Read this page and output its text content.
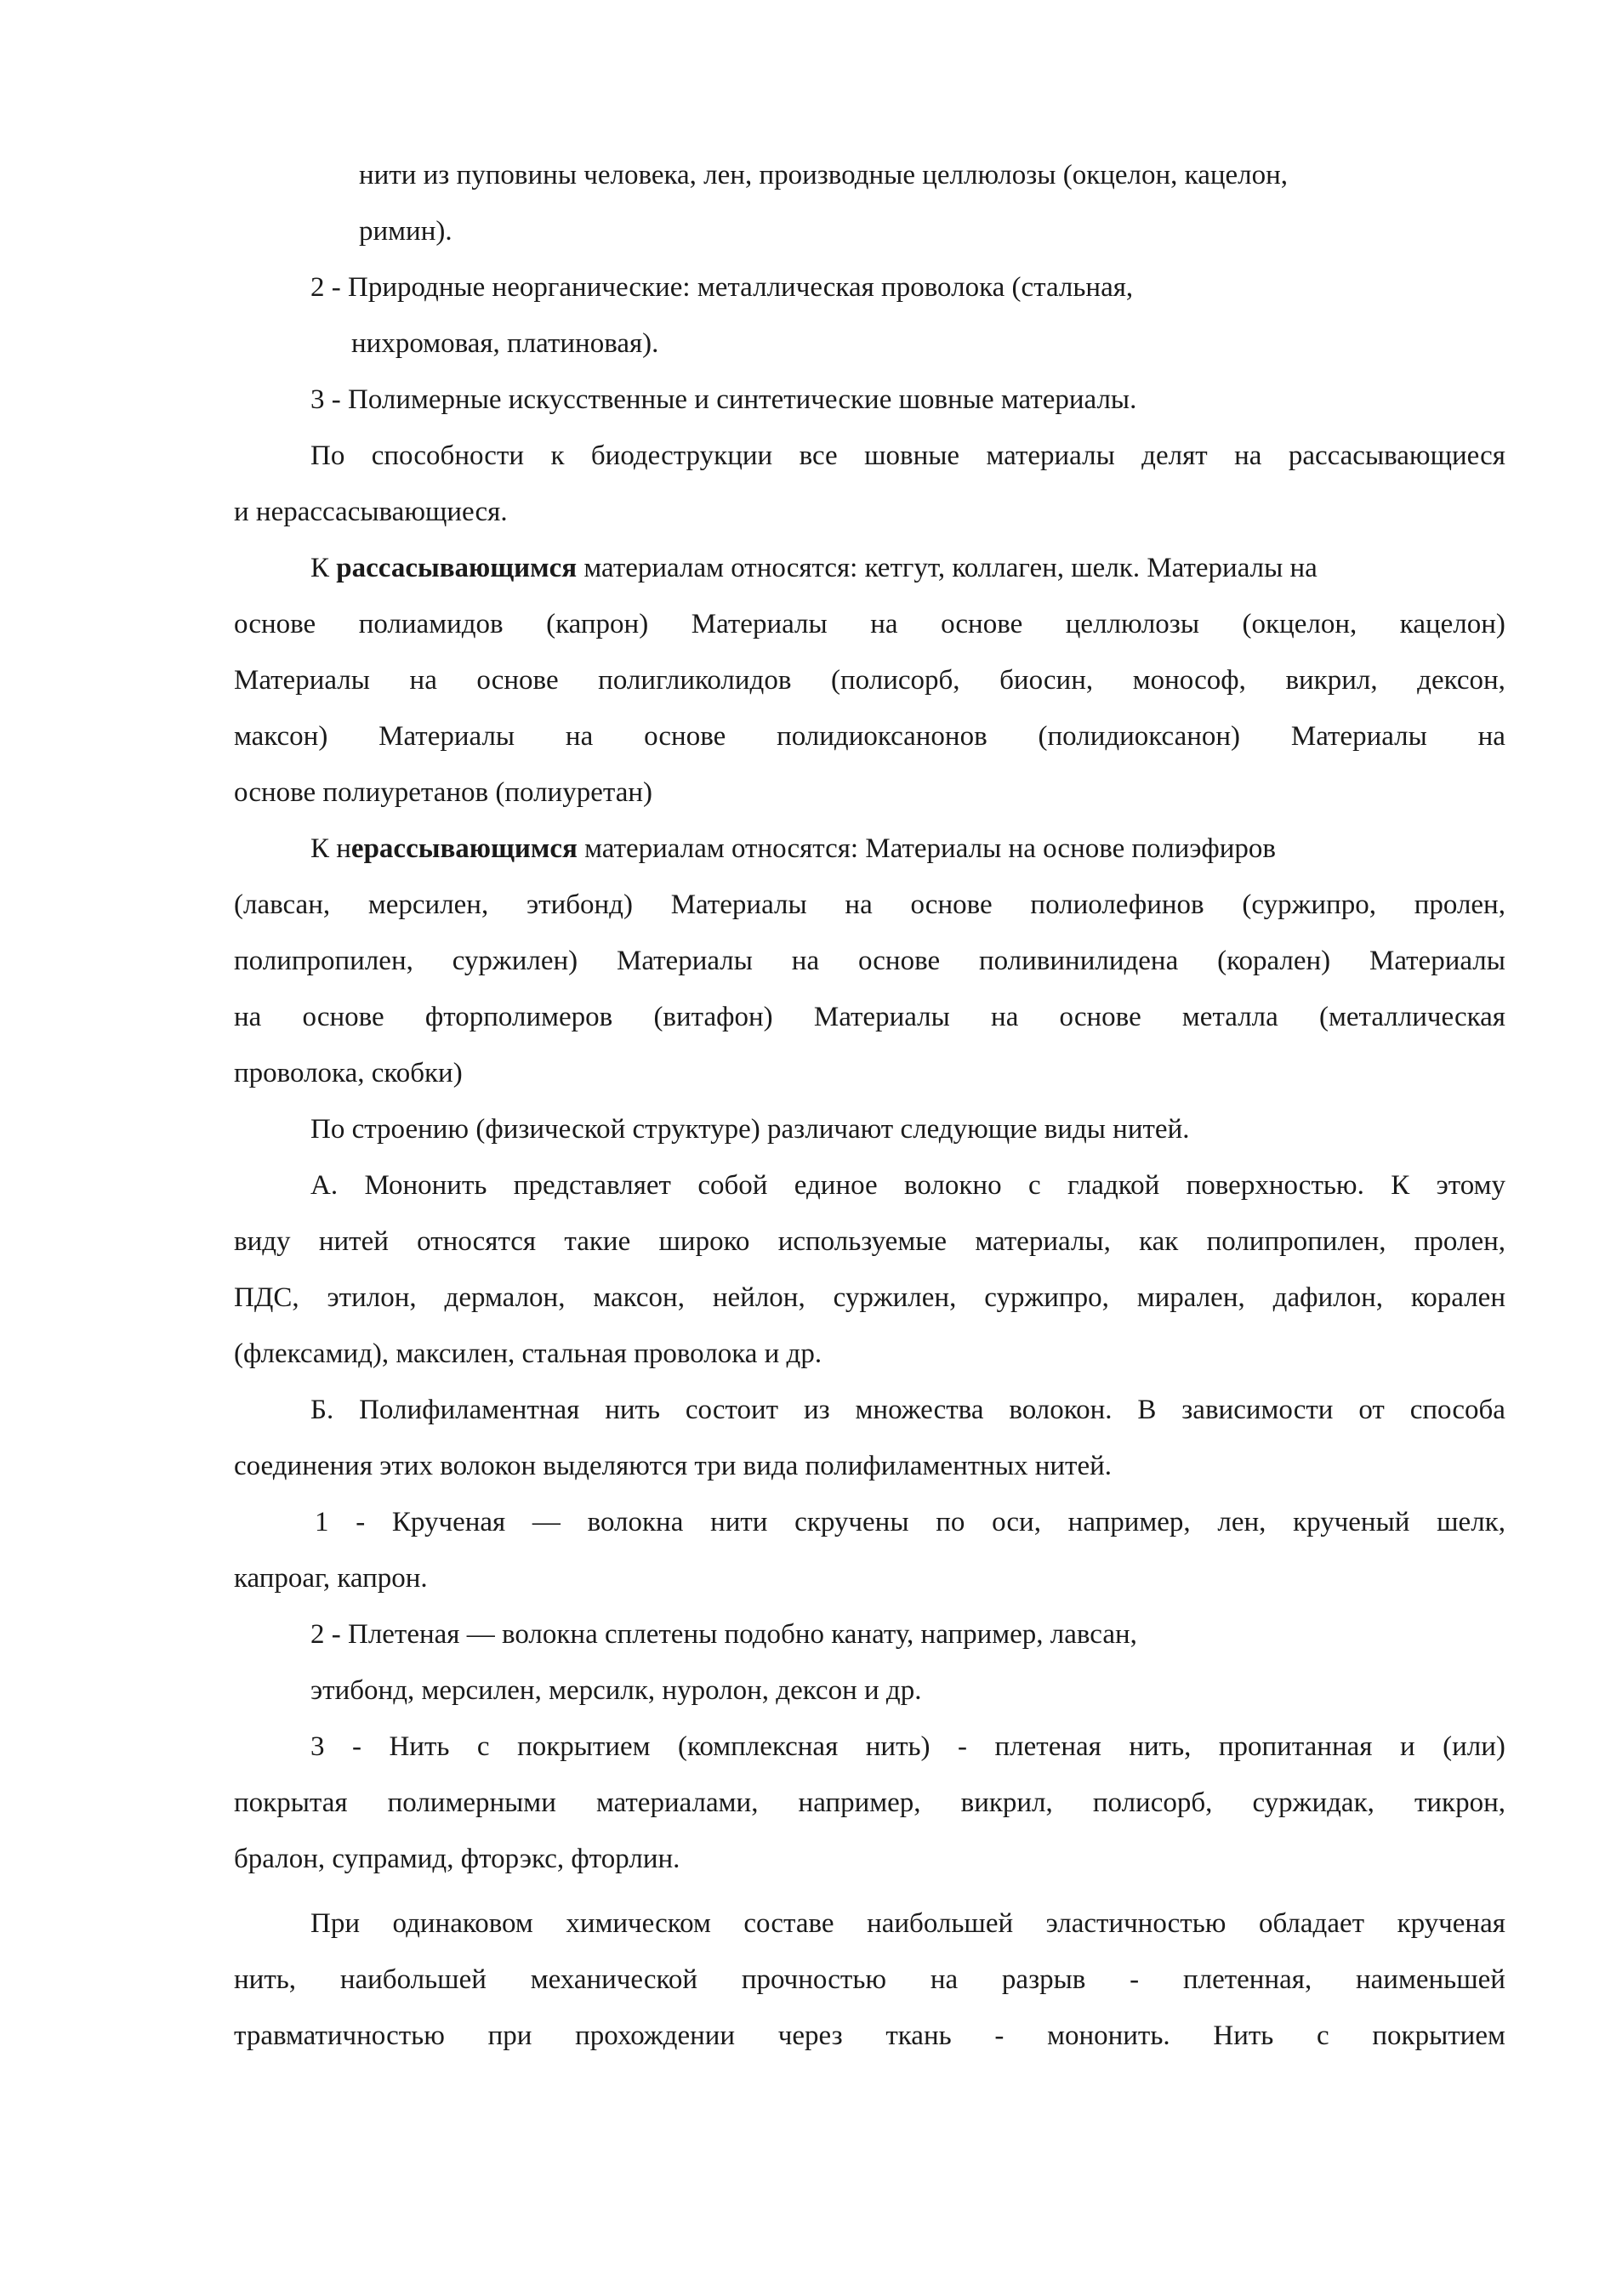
нити из пуповины человека, лен, производные целлюлозы (окцелон, кацелон,
римин).
2 - Природные неорганические: металлическая проволока (стальная,
нихромовая, платиновая).
3 - Полимерные искусственные и синтетические шовные материалы.
По способности к биодеструкции все шовные материалы делят на рассасывающиеся
и нерассасывающиеся.
К рассасывающимся материалам относятся: кетгут, коллаген, шелк. Материалы на
основе полиамидов (капрон) Материалы на основе целлюлозы (окцелон, кацелон)
Материалы на основе полигликолидов (полисорб, биосин, монософ, викрил, дексон,
максон) Материалы на основе полидиоксанонов (полидиоксанон) Материалы на
основе полиуретанов (полиуретан)
К нерассывающимся материалам относятся: Материалы на основе полиэфиров
(лавсан, мерсилен, этибонд) Материалы на основе полиолефинов (суржипро, пролен,
полипропилен, суржилен) Материалы на основе поливинилидена (корален) Материалы
на основе фторполимеров (витафон) Материалы на основе металла (металлическая
проволока, скобки)
По строению (физической структуре) различают следующие виды нитей.
А. Мононить представляет собой единое волокно с гладкой поверхностью. К этому
виду нитей относятся такие широко используемые материалы, как полипропилен, пролен,
ПДС, этилон, дермалон, максон, нейлон, суржилен, суржипро, миралeн, дафилон, корален
(флексамид), максилен, стальная проволока и др.
Б. Полифиламентная нить состоит из множества волокон. В зависимости от способа
соединения этих волокон выделяются три вида полифиламентных нитей.
1 - Крученая — волокна нити скручены по оси, например, лен, крученый шелк,
капроаг, капрон.
2 - Плетеная — волокна сплетены подобно канату, например, лавсан,
этибонд, мерсилен, мерсилк, нуролон, дексон и др.
3 - Нить с покрытием (комплексная нить) - плетеная нить, пропитанная и (или)
покрытая полимерными материалами, например, викрил, полисорб, суржидак, тикрон,
бралон, супрамид, фторэкс, фторлин.
При одинаковом химическом составе наибольшей эластичностью обладает крученая
нить, наибольшей механической прочностью на разрыв - плетенная, наименьшей
травматичностью при прохождении через ткань - мононить. Нить с покрытием
